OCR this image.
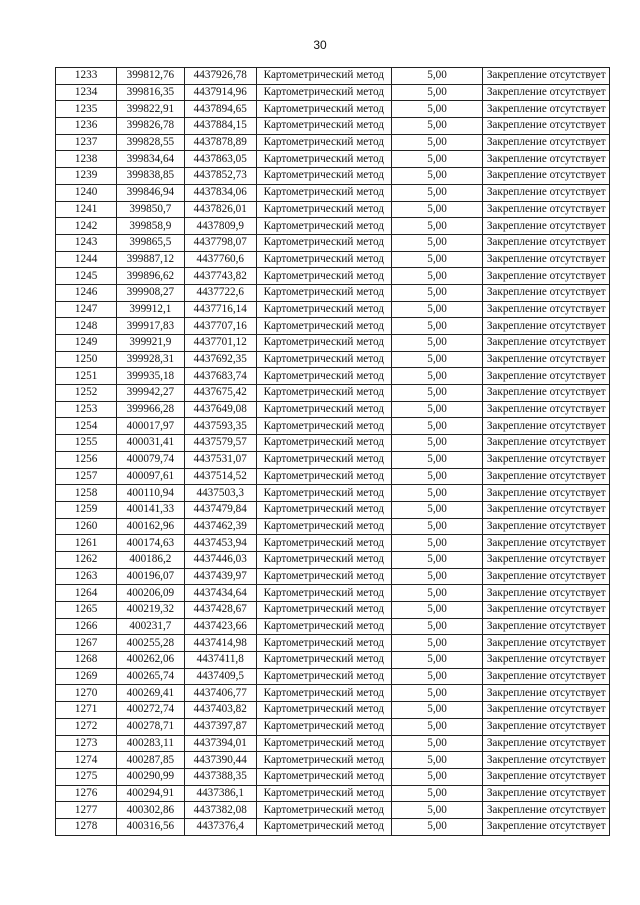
30
1233	399812,76	4437926,78	Картометрический метод	5,00	Закрепление отсутствует
1234	399816,35	4437914,96	Картометрический метод	5,00	Закрепление отсутствует
1235	399822,91	4437894,65	Картометрический метод	5,00	Закрепление отсутствует
1236	399826,78	4437884,15	Картометрический метод	5,00	Закрепление отсутствует
1237	399828,55	4437878,89	Картометрический метод	5,00	Закрепление отсутствует
1238	399834,64	4437863,05	Картометрический метод	5,00	Закрепление отсутствует
1239	399838,85	4437852,73	Картометрический метод	5,00	Закрепление отсутствует
1240	399846,94	4437834,06	Картометрический метод	5,00	Закрепление отсутствует
1241	399850,7	4437826,01	Картометрический метод	5,00	Закрепление отсутствует
1242	399858,9	4437809,9	Картометрический метод	5,00	Закрепление отсутствует
1243	399865,5	4437798,07	Картометрический метод	5,00	Закрепление отсутствует
1244	399887,12	4437760,6	Картометрический метод	5,00	Закрепление отсутствует
1245	399896,62	4437743,82	Картометрический метод	5,00	Закрепление отсутствует
1246	399908,27	4437722,6	Картометрический метод	5,00	Закрепление отсутствует
1247	399912,1	4437716,14	Картометрический метод	5,00	Закрепление отсутствует
1248	399917,83	4437707,16	Картометрический метод	5,00	Закрепление отсутствует
1249	399921,9	4437701,12	Картометрический метод	5,00	Закрепление отсутствует
1250	399928,31	4437692,35	Картометрический метод	5,00	Закрепление отсутствует
1251	399935,18	4437683,74	Картометрический метод	5,00	Закрепление отсутствует
1252	399942,27	4437675,42	Картометрический метод	5,00	Закрепление отсутствует
1253	399966,28	4437649,08	Картометрический метод	5,00	Закрепление отсутствует
1254	400017,97	4437593,35	Картометрический метод	5,00	Закрепление отсутствует
1255	400031,41	4437579,57	Картометрический метод	5,00	Закрепление отсутствует
1256	400079,74	4437531,07	Картометрический метод	5,00	Закрепление отсутствует
1257	400097,61	4437514,52	Картометрический метод	5,00	Закрепление отсутствует
1258	400110,94	4437503,3	Картометрический метод	5,00	Закрепление отсутствует
1259	400141,33	4437479,84	Картометрический метод	5,00	Закрепление отсутствует
1260	400162,96	4437462,39	Картометрический метод	5,00	Закрепление отсутствует
1261	400174,63	4437453,94	Картометрический метод	5,00	Закрепление отсутствует
1262	400186,2	4437446,03	Картометрический метод	5,00	Закрепление отсутствует
1263	400196,07	4437439,97	Картометрический метод	5,00	Закрепление отсутствует
1264	400206,09	4437434,64	Картометрический метод	5,00	Закрепление отсутствует
1265	400219,32	4437428,67	Картометрический метод	5,00	Закрепление отсутствует
1266	400231,7	4437423,66	Картометрический метод	5,00	Закрепление отсутствует
1267	400255,28	4437414,98	Картометрический метод	5,00	Закрепление отсутствует
1268	400262,06	4437411,8	Картометрический метод	5,00	Закрепление отсутствует
1269	400265,74	4437409,5	Картометрический метод	5,00	Закрепление отсутствует
1270	400269,41	4437406,77	Картометрический метод	5,00	Закрепление отсутствует
1271	400272,74	4437403,82	Картометрический метод	5,00	Закрепление отсутствует
1272	400278,71	4437397,87	Картометрический метод	5,00	Закрепление отсутствует
1273	400283,11	4437394,01	Картометрический метод	5,00	Закрепление отсутствует
1274	400287,85	4437390,44	Картометрический метод	5,00	Закрепление отсутствует
1275	400290,99	4437388,35	Картометрический метод	5,00	Закрепление отсутствует
1276	400294,91	4437386,1	Картометрический метод	5,00	Закрепление отсутствует
1277	400302,86	4437382,08	Картометрический метод	5,00	Закрепление отсутствует
1278	400316,56	4437376,4	Картометрический метод	5,00	Закрепление отсутствует
